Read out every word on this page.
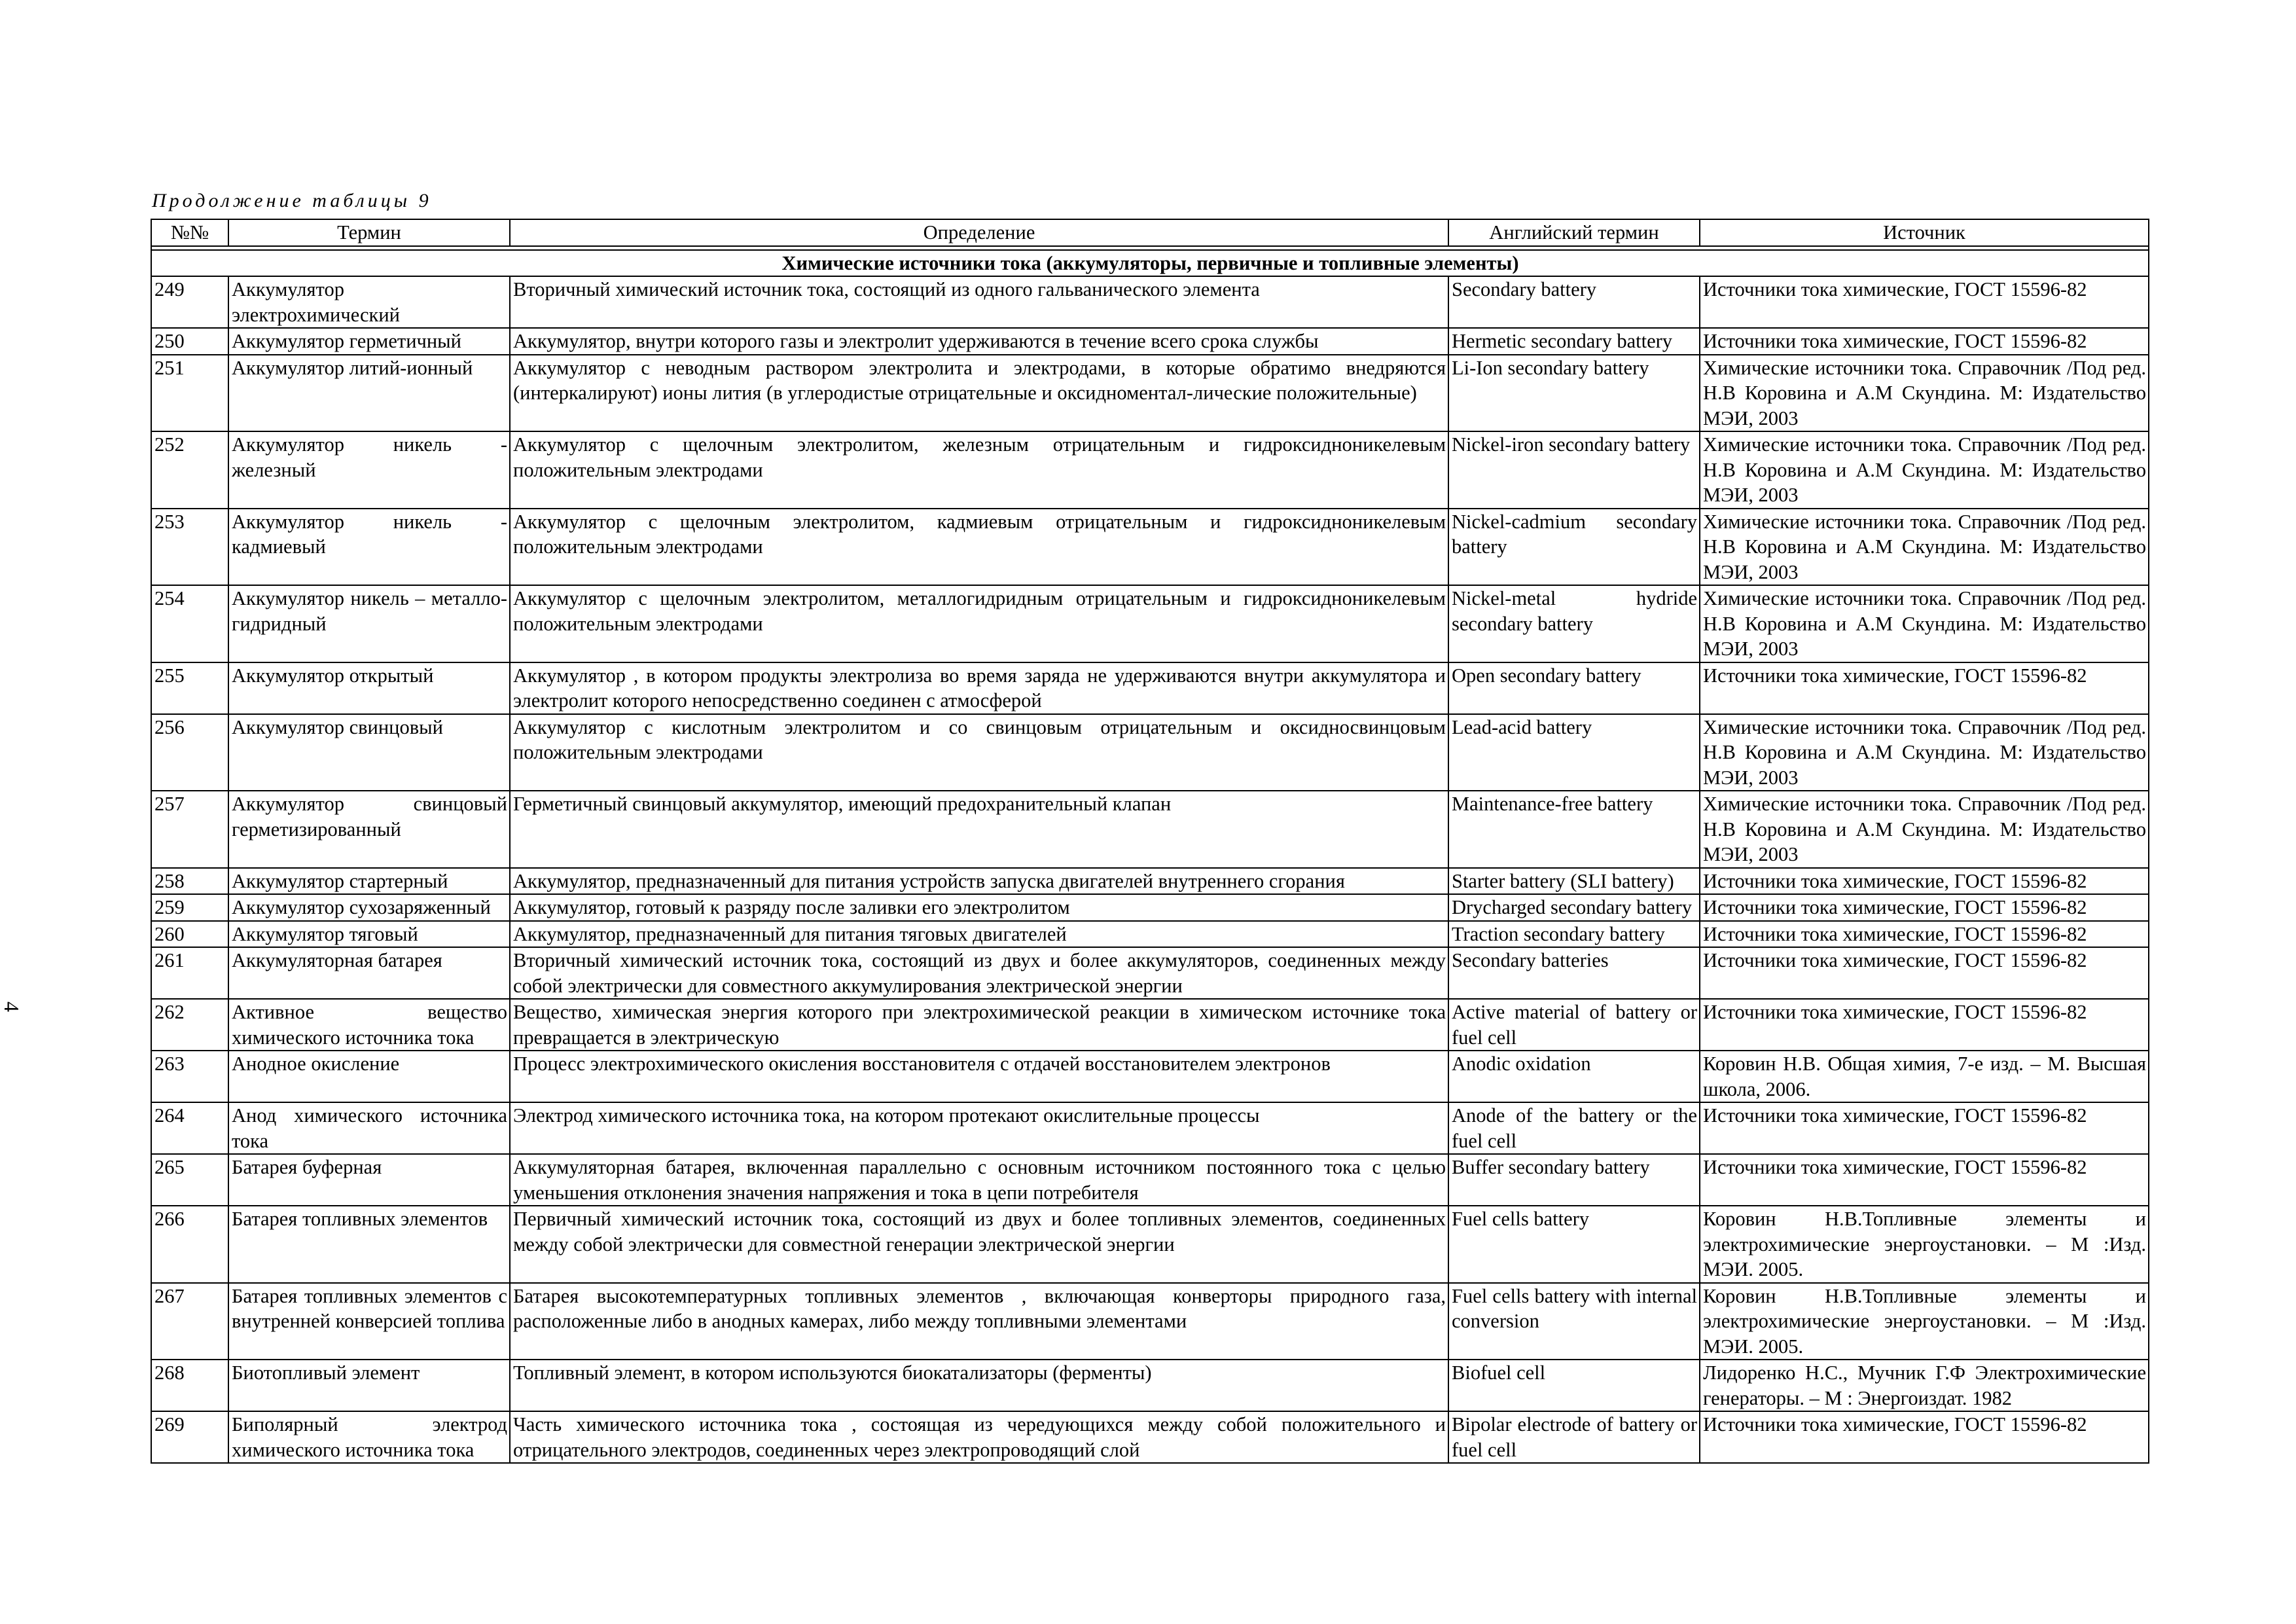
Продолжение таблицы 9
4
№№	Термин	Определение	Английский термин	Источник

Химические источники тока (аккумуляторы, первичные и топливные элементы)				
249	Аккумулятор электрохимический	Вторичный химический источник тока, состоящий из одного гальванического элемента	Secondary battery	Источники тока химические, ГОСТ 15596-82
250	Аккумулятор герметичный	Аккумулятор, внутри которого газы и электролит удерживаются в течение всего срока службы	Hermetic secondary battery	Источники тока химические, ГОСТ 15596-82
251	Аккумулятор литий-ионный	Аккумулятор с неводным раствором электролита и электродами, в которые обратимо внедряются (интеркалируют) ионы лития (в углеродистые отрицательные и оксидноментал-лические положительные)	Li-Ion secondary battery	Химические источники тока. Справочник /Под ред. Н.В Коровина и А.М Скундина. М: Издательство МЭИ, 2003
252	Аккумулятор никель - железный	Аккумулятор с щелочным электролитом, железным отрицательным и гидроксидноникелевым положительным электродами	Nickel-iron secondary battery	Химические источники тока. Справочник /Под ред. Н.В Коровина и А.М Скундина. М: Издательство МЭИ, 2003
253	Аккумулятор никель - кадмиевый	Аккумулятор с щелочным электролитом, кадмиевым отрицательным и гидроксидноникелевым положительным электродами	Nickel-cadmium secondary battery	Химические источники тока. Справочник /Под ред. Н.В Коровина и А.М Скундина. М: Издательство МЭИ, 2003
254	Аккумулятор никель – металло-гидридный	Аккумулятор с щелочным электролитом, металлогидридным отрицательным и гидроксидноникелевым положительным электродами	Nickel-metal hydride secondary battery	Химические источники тока. Справочник /Под ред. Н.В Коровина и А.М Скундина. М: Издательство МЭИ, 2003
255	Аккумулятор открытый	Аккумулятор , в котором продукты электролиза во время заряда не удерживаются внутри аккумулятора и электролит которого непосредственно соединен с атмосферой	Open secondary battery	Источники тока химические, ГОСТ 15596-82
256	Аккумулятор свинцовый	Аккумулятор с кислотным электролитом и со свинцовым отрицательным и оксидносвинцовым положительным электродами	Lead-acid battery	Химические источники тока. Справочник /Под ред. Н.В Коровина и А.М Скундина. М: Издательство МЭИ, 2003
257	Аккумулятор свинцовый герметизированный	Герметичный свинцовый аккумулятор, имеющий предохранительный клапан	Maintenance-free battery	Химические источники тока. Справочник /Под ред. Н.В Коровина и А.М Скундина. М: Издательство МЭИ, 2003
258	Аккумулятор стартерный	Аккумулятор, предназначенный для питания устройств запуска двигателей внутреннего сгорания	Starter battery (SLI battery)	Источники тока химические, ГОСТ 15596-82
259	Аккумулятор сухозаряженный	Аккумулятор, готовый к разряду после заливки его электролитом	Drycharged secondary battery	Источники тока химические, ГОСТ 15596-82
260	Аккумулятор тяговый	Аккумулятор, предназначенный для питания тяговых двигателей	Traction secondary battery	Источники тока химические, ГОСТ 15596-82
261	Аккумуляторная батарея	Вторичный химический источник тока, состоящий из двух и более аккумуляторов, соединенных между собой электрически для совместного аккумулирования электрической энергии	Secondary batteries	Источники тока химические, ГОСТ 15596-82
262	Активное вещество химического источника тока	Вещество, химическая энергия которого при электрохимической реакции в химическом источнике тока превращается в электрическую	Active material of battery or fuel cell	Источники тока химические, ГОСТ 15596-82
263	Анодное окисление	Процесс электрохимического окисления восстановителя с отдачей восстановителем электронов	Anodic oxidation	Коровин Н.В. Общая химия, 7-е изд. – М. Высшая школа, 2006.
264	Анод химического источника тока	Электрод химического источника тока, на котором протекают окислительные процессы	Anode of the battery or the fuel cell	Источники тока химические, ГОСТ 15596-82
265	Батарея буферная	Аккумуляторная батарея, включенная параллельно с основным источником постоянного тока с целью уменьшения отклонения значения напряжения и тока в цепи потребителя	Buffer secondary battery	Источники тока химические, ГОСТ 15596-82
266	Батарея топливных элементов	Первичный химический источник тока, состоящий из двух и более топливных элементов, соединенных между собой электрически для совместной генерации электрической энергии	Fuel cells battery	Коровин Н.В.Топливные элементы и электрохимические энергоустановки. – М :Изд. МЭИ. 2005.
267	Батарея топливных элементов с внутренней конверсией топлива	Батарея высокотемпературных топливных элементов , включающая конверторы природного газа, расположенные либо в анодных камерах, либо между топливными элементами	Fuel cells battery with internal conversion	Коровин Н.В.Топливные элементы и электрохимические энергоустановки. – М :Изд. МЭИ. 2005.
268	Биотопливый элемент	Топливный элемент, в котором используются биокатализаторы (ферменты)	Biofuel cell	Лидоренко Н.С., Мучник Г.Ф Электрохимические генераторы. – М : Энергоиздат. 1982
269	Биполярный электрод химического источника тока	Часть химического источника тока , состоящая из чередующихся между собой положительного и отрицательного электродов, соединенных через электропроводящий слой	Bipolar electrode of battery or fuel cell	Источники тока химические, ГОСТ 15596-82
